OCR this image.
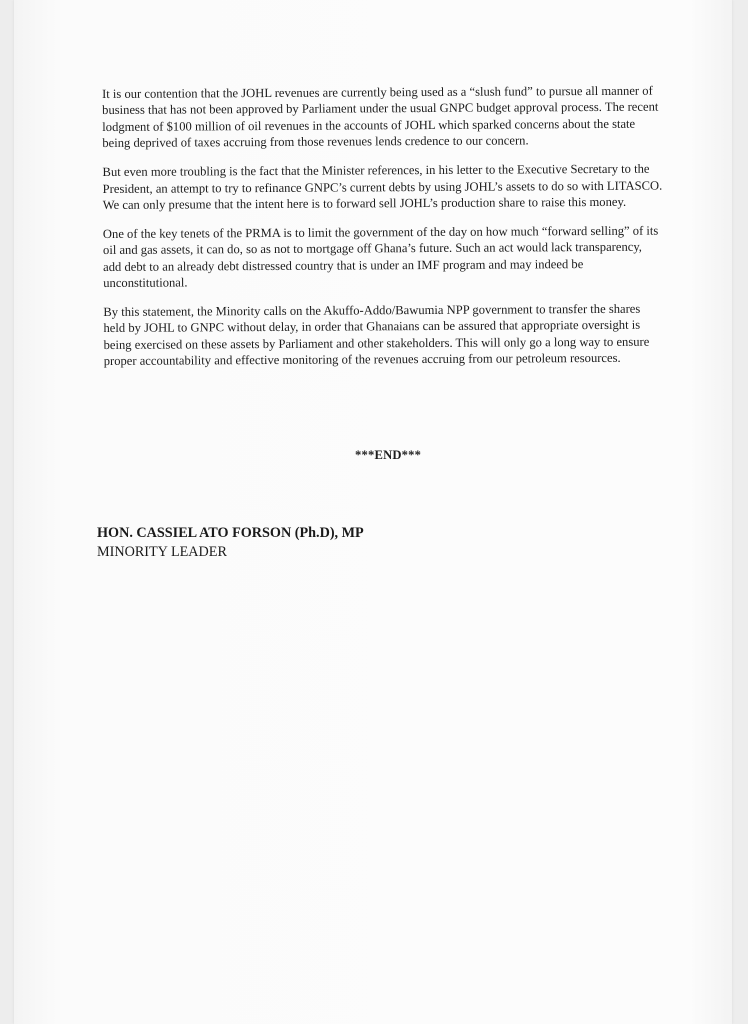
It is our contention that the JOHL revenues are currently being used as a “slush fund” to pursue all manner of business that has not been approved by Parliament under the usual GNPC budget approval process. The recent lodgment of $100 million of oil revenues in the accounts of JOHL which sparked concerns about the state being deprived of taxes accruing from those revenues lends credence to our concern.

But even more troubling is the fact that the Minister references, in his letter to the Executive Secretary to the President, an attempt to try to refinance GNPC’s current debts by using JOHL’s assets to do so with LITASCO. We can only presume that the intent here is to forward sell JOHL’s production share to raise this money.

One of the key tenets of the PRMA is to limit the government of the day on how much “forward selling” of its oil and gas assets, it can do, so as not to mortgage off Ghana’s future. Such an act would lack transparency, add debt to an already debt distressed country that is under an IMF program and may indeed be unconstitutional.

By this statement, the Minority calls on the Akuffo-Addo/Bawumia NPP government to transfer the shares held by JOHL to GNPC without delay, in order that Ghanaians can be assured that appropriate oversight is being exercised on these assets by Parliament and other stakeholders. This will only go a long way to ensure proper accountability and effective monitoring of the revenues accruing from our petroleum resources.

***END***
HON. CASSIEL ATO FORSON (Ph.D), MP
MINORITY LEADER
